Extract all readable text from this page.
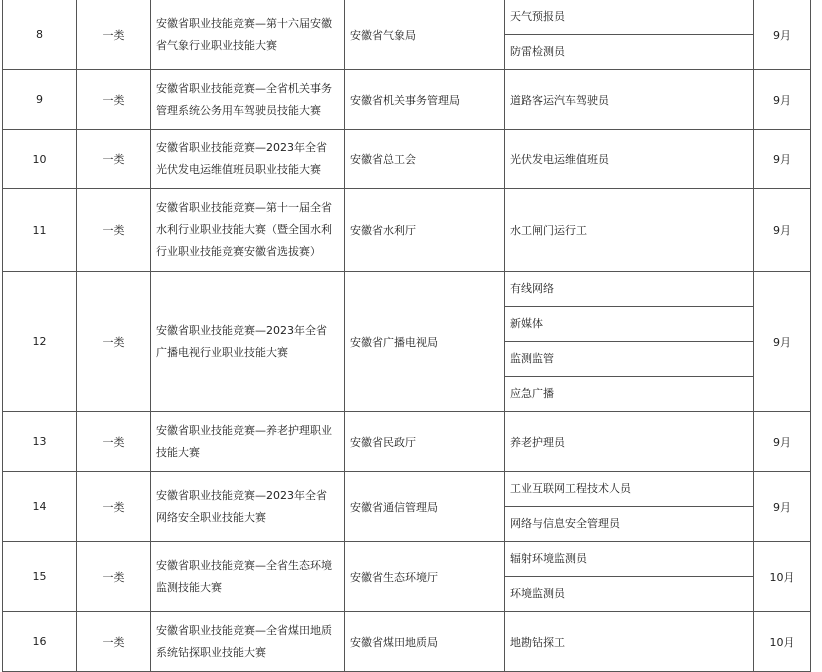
8	一类	安徽省职业技能竞赛—第十六届安徽
省气象行业职业技能大赛	安徽省气象局	天气预报员	9月
				防雷检测员	
9	一类	安徽省职业技能竞赛—全省机关事务
管理系统公务用车驾驶员技能大赛	安徽省机关事务管理局	道路客运汽车驾驶员	9月
10	一类	安徽省职业技能竞赛—2023年全省
光伏发电运维值班员职业技能大赛	安徽省总工会	光伏发电运维值班员	9月
11	一类	安徽省职业技能竞赛—第十一届全省
水利行业职业技能大赛（暨全国水利
行业职业技能竞赛安徽省选拔赛）	安徽省水利厅	水工闸门运行工	9月
12	一类	安徽省职业技能竞赛—2023年全省
广播电视行业职业技能大赛	安徽省广播电视局	有线网络	9月
				新媒体	
				监测监管	
				应急广播	
13	一类	安徽省职业技能竞赛—养老护理职业
技能大赛	安徽省民政厅	养老护理员	9月
14	一类	安徽省职业技能竞赛—2023年全省
网络安全职业技能大赛	安徽省通信管理局	工业互联网工程技术人员	9月
				网络与信息安全管理员	
15	一类	安徽省职业技能竞赛—全省生态环境
监测技能大赛	安徽省生态环境厅	辐射环境监测员	10月
				环境监测员	
16	一类	安徽省职业技能竞赛—全省煤田地质
系统钻探职业技能大赛	安徽省煤田地质局	地勘钻探工	10月
